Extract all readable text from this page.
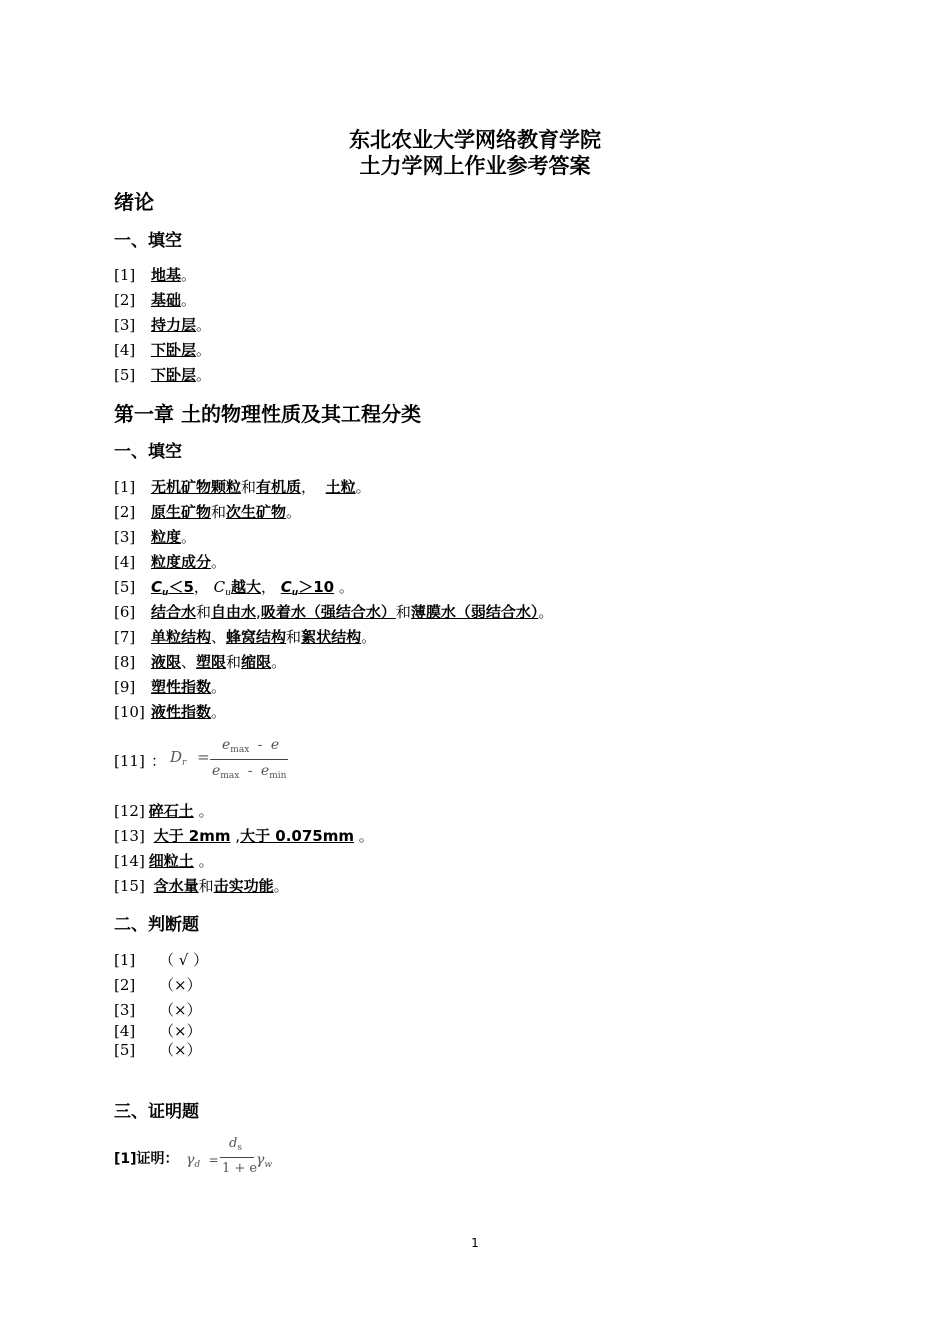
东北农业大学网络教育学院
土力学网上作业参考答案
绪论
一、填空
[1] 地基。
[2] 基础。
[3] 持力层。
[4] 下卧层。
[5] 下卧层。
第一章 土的物理性质及其工程分类
一、填空
[1] 无机矿物颗粒和有机质， 土粒。
[2] 原生矿物和次生矿物。
[3] 粒度。
[4] 粒度成分。
[5] $C_u<5$， $C_u$越大， $C_u>10$ 。
[6] 结合水和自由水,吸着水（强结合水）和薄膜水（弱结合水）。
[7] 单粒结构、蜂窝结构和絮状结构。
[8] 液限、塑限和缩限。
[9] 塑性指数。
[10] 液性指数。
[11] ： $D_r$ =
$e_{max}$ - e
$e_{max} - e_{min}$
[12] 碎石土 。
[13] 大于 2mm ,大于 0.075mm 。
[14] 细粒土 。
[15] 含水量和击实功能。
二、判断题
[1] （ √ ）
[2] （×）
[3] （×）
[4] （×）
[5] （×）
三、证明题
[1]证明： $\gamma_d$ =
$d_s$
1 + e
$\gamma_w$
1
